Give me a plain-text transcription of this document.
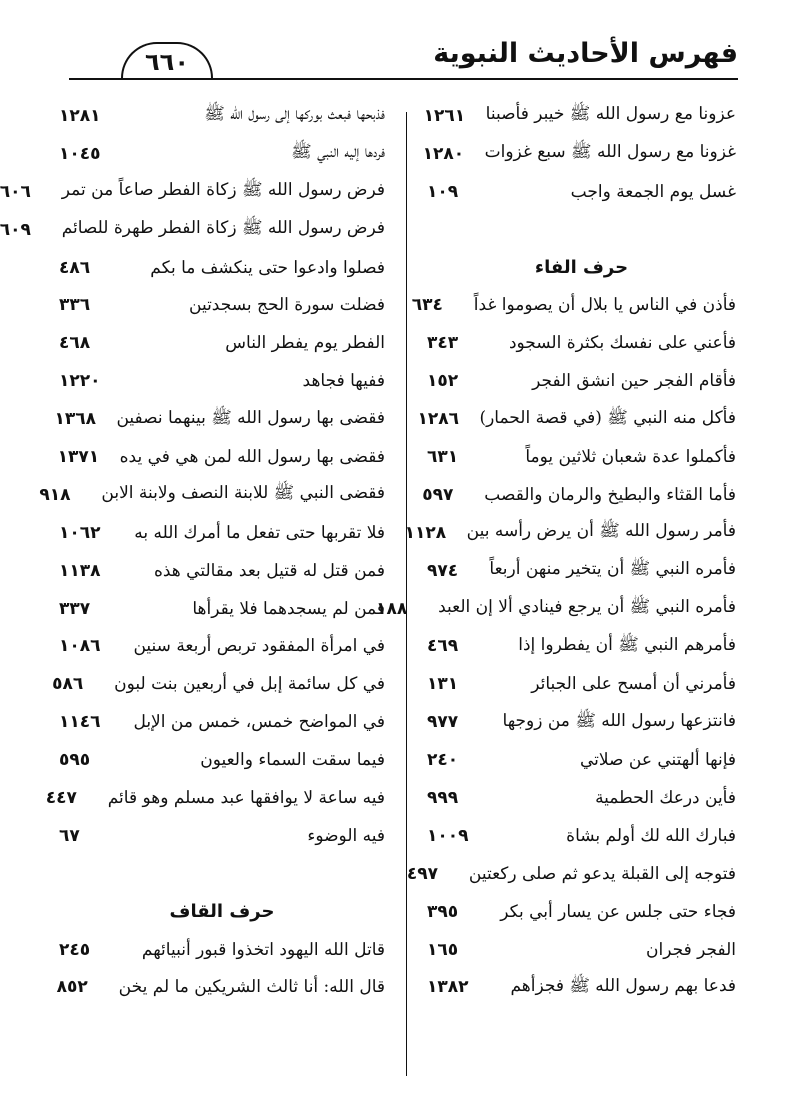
فهرس الأحاديث النبوية
٦٦٠
عزونا مع رسول الله ﷺ خيبر فأصبنا
١٢٦١
غزونا مع رسول الله ﷺ سبع غزوات
١٢٨٠
غسل يوم الجمعة واجب
١٠٩
حرف الفاء
فأذن في الناس يا بلال أن يصوموا غداً
٦٣٤
فأعني على نفسك بكثرة السجود
٣٤٣
فأقام الفجر حين انشق الفجر
١٥٢
فأكل منه النبي ﷺ (في قصة الحمار)
١٢٨٦
فأكملوا عدة شعبان ثلاثين يوماً
٦٣١
فأما القثاء والبطيخ والرمان والقصب
٥٩٧
فأمر رسول الله ﷺ أن يرض رأسه بين
١١٢٨
فأمره النبي ﷺ أن يتخير منهن أربعاً
٩٧٤
فأمره النبي ﷺ أن يرجع فينادي ألا إن العبد
١٨٨
فأمرهم النبي ﷺ أن يفطروا إذا
٤٦٩
فأمرني أن أمسح على الجبائر
١٣١
فانتزعها رسول الله ﷺ من زوجها
٩٧٧
فإنها ألهتني عن صلاتي
٢٤٠
فأين درعك الحطمية
٩٩٩
فبارك الله لك أولم بشاة
١٠٠٩
فتوجه إلى القبلة يدعو ثم صلى ركعتين
٤٩٧
فجاء حتى جلس عن يسار أبي بكر
٣٩٥
الفجر فجران
١٦٥
فدعا بهم رسول الله ﷺ فجزأهم
١٣٨٢
فذبحها فبعث بوركها إلى رسول الله ﷺ
١٢٨١
فردها إليه النبي ﷺ
١٠٤٥
فرض رسول الله ﷺ زكاة الفطر صاعاً من تمر
٦٠٦
فرض رسول الله ﷺ زكاة الفطر طهرة للصائم
٦٠٩
فصلوا وادعوا حتى ينكشف ما بكم
٤٨٦
فضلت سورة الحج بسجدتين
٣٣٦
الفطر يوم يفطر الناس
٤٦٨
ففيها فجاهد
١٢٢٠
فقضى بها رسول الله ﷺ بينهما نصفين
١٣٦٨
فقضى بها رسول الله لمن هي في يده
١٣٧١
فقضى النبي ﷺ للابنة النصف ولابنة الابن
٩١٨
فلا تقربها حتى تفعل ما أمرك الله به
١٠٦٢
فمن قتل له قتيل بعد مقالتي هذه
١١٣٨
فمن لم يسجدهما فلا يقرأها
٣٣٧
في امرأة المفقود تربص أربعة سنين
١٠٨٦
في كل سائمة إبل في أربعين بنت لبون
٥٨٦
في المواضح خمس، خمس من الإبل
١١٤٦
فيما سقت السماء والعيون
٥٩٥
فيه ساعة لا يوافقها عبد مسلم وهو قائم
٤٤٧
فيه الوضوء
٦٧
حرف القاف
قاتل الله اليهود اتخذوا قبور أنبيائهم
٢٤٥
قال الله: أنا ثالث الشريكين ما لم يخن
٨٥٢
